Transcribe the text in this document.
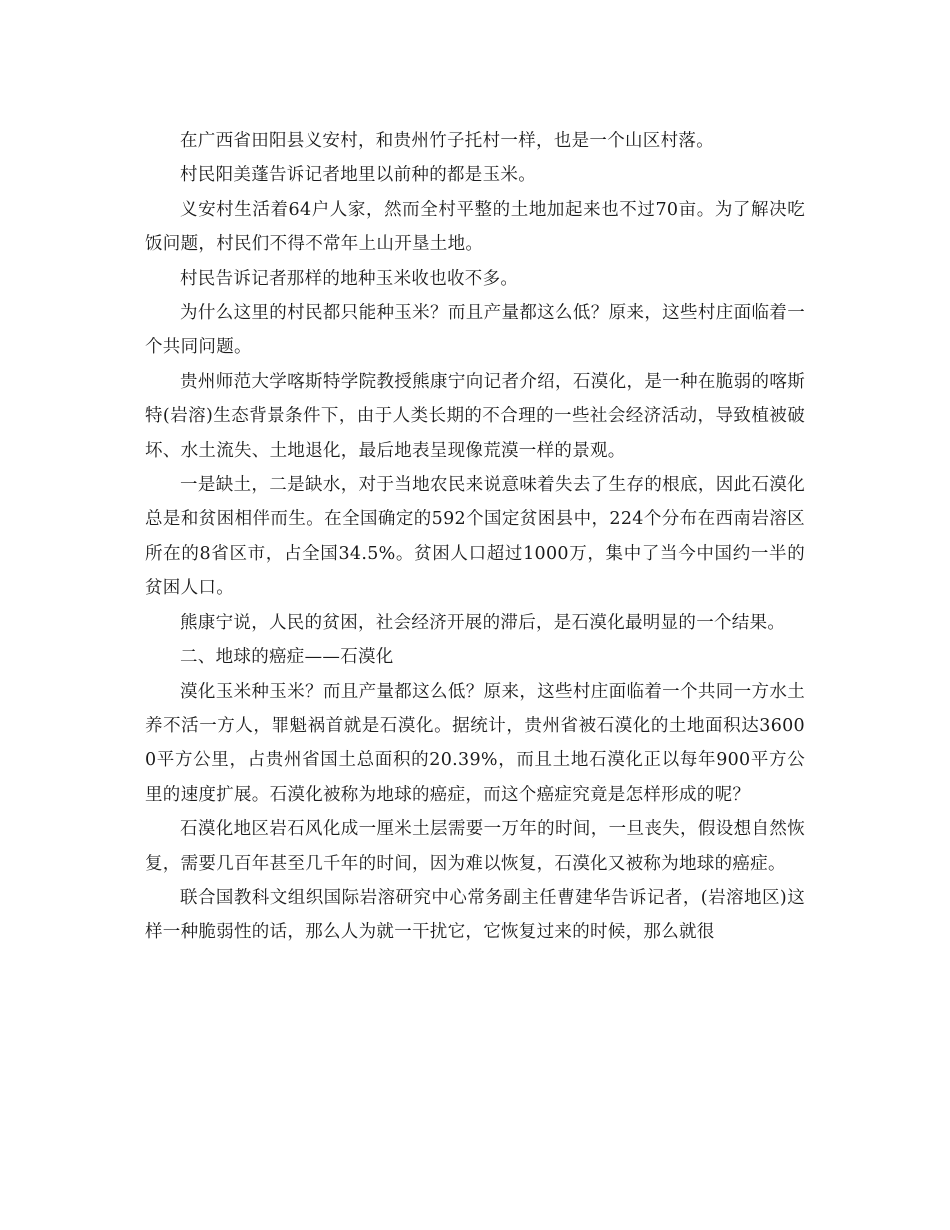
在广西省田阳县义安村，和贵州竹子托村一样，也是一个山区村落。

村民阳美蓬告诉记者地里以前种的都是玉米。

义安村生活着64户人家，然而全村平整的土地加起来也不过70亩。为了解决吃饭问题，村民们不得不常年上山开垦土地。

村民告诉记者那样的地种玉米收也收不多。

为什么这里的村民都只能种玉米？而且产量都这么低？原来，这些村庄面临着一个共同问题。

贵州师范大学喀斯特学院教授熊康宁向记者介绍，石漠化，是一种在脆弱的喀斯特(岩溶)生态背景条件下，由于人类长期的不合理的一些社会经济活动，导致植被破坏、水土流失、土地退化，最后地表呈现像荒漠一样的景观。

一是缺土，二是缺水，对于当地农民来说意味着失去了生存的根底，因此石漠化总是和贫困相伴而生。在全国确定的592个国定贫困县中，224个分布在西南岩溶区所在的8省区市，占全国34.5%。贫困人口超过1000万，集中了当今中国约一半的贫困人口。

熊康宁说，人民的贫困，社会经济开展的滞后，是石漠化最明显的一个结果。

二、地球的癌症——石漠化

漠化玉米种玉米？而且产量都这么低？原来，这些村庄面临着一个共同一方水土养不活一方人，罪魁祸首就是石漠化。据统计，贵州省被石漠化的土地面积达36000平方公里，占贵州省国土总面积的20.39%，而且土地石漠化正以每年900平方公里的速度扩展。石漠化被称为地球的癌症，而这个癌症究竟是怎样形成的呢？

石漠化地区岩石风化成一厘米土层需要一万年的时间，一旦丧失，假设想自然恢复，需要几百年甚至几千年的时间，因为难以恢复，石漠化又被称为地球的癌症。

联合国教科文组织国际岩溶研究中心常务副主任曹建华告诉记者，(岩溶地区)这样一种脆弱性的话，那么人为就一干扰它，它恢复过来的时候，那么就很
